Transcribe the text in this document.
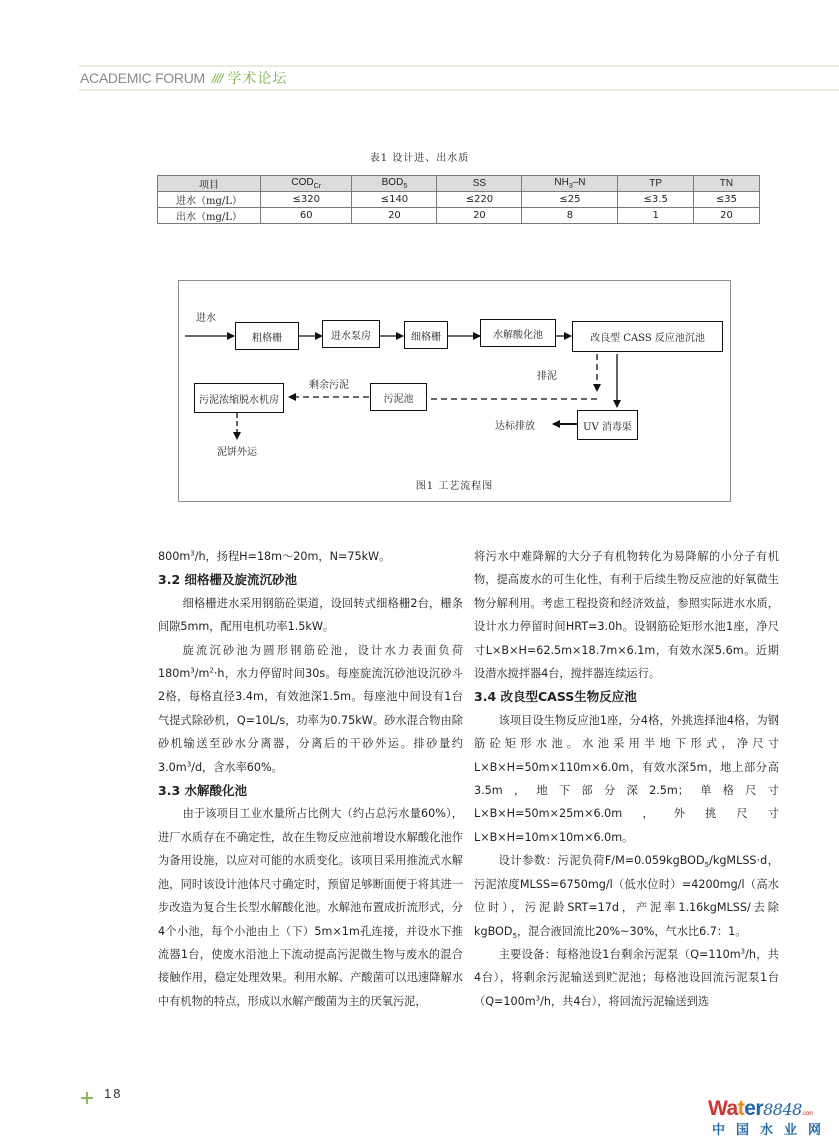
ACADEMIC FORUM //// 学术论坛
表1 设计进、出水质
项目	$COD_{Cr}$	$BOD_5$	SS	$NH_3-N$	TP	TN
进水（mg/L）	≤320	≤140	≤220	≤25	≤3.5	≤35
出水（mg/L）	60	20	20	8	1	20
进水
粗格栅	进水泵房	细格栅	水解酸化池	改良型 CASS 反应池沉池
排泥
剩余污泥
污泥浓缩脱水机房	污泥池
UV 消毒渠
达标排放
泥饼外运
图1 工艺流程图

$800m^3/h$，扬程H=18m～20m，N=75kW。

3.2 细格栅及旋流沉砂池

细格栅进水采用钢筋砼渠道，设回转式细格栅2台，栅条间隙5mm，配用电机功率1.5kW。

旋流沉砂池为圆形钢筋砼池，设计水力表面负荷$180m^3/m^2\cdot h$，水力停留时间30s。每座旋流沉砂池设沉砂斗2格，每格直径3.4m，有效池深1.5m。每座池中间设有1台气提式除砂机，Q=10L/s，功率为0.75kW。砂水混合物由除砂机输送至砂水分离器，分离后的干砂外运。排砂量约$3.0m^3/d$，含水率60%。

3.3 水解酸化池

由于该项目工业水量所占比例大（约占总污水量60%），进厂水质存在不确定性，故在生物反应池前增设水解酸化池作为备用设施，以应对可能的水质变化。该项目采用推流式水解池，同时该设计池体尺寸确定时，预留足够断面便于将其进一步改造为复合生长型水解酸化池。水解池布置成折流形式，分4个小池，每个小池由上（下）5m×1m孔连接，并设水下推流器1台，使废水沿池上下流动提高污泥微生物与废水的混合接触作用，稳定处理效果。利用水解、产酸菌可以迅速降解水中有机物的特点，形成以水解产酸菌为主的厌氧污泥，

将污水中难降解的大分子有机物转化为易降解的小分子有机物，提高废水的可生化性，有利于后续生物反应池的好氧微生物分解利用。考虑工程投资和经济效益，参照实际进水水质，设计水力停留时间HRT=3.0h。设钢筋砼矩形水池1座，净尺寸L×B×H=62.5m×18.7m×6.1m，有效水深5.6m。近期设潜水搅拌器4台，搅拌器连续运行。

3.4 改良型CASS生物反应池

该项目设生物反应池1座，分4格，外挑选择池4格，为钢筋砼矩形水池。水池采用半地下形式，净尺寸L×B×H=50m×110m×6.0m，有效水深5m，地上部分高3.5m，地下部分深2.5m；单格尺寸L×B×H=50m×25m×6.0m，外挑尺寸L×B×H=10m×10m×6.0m。

设计参数：污泥负荷F/M=0.059kgBOD$_5$/kgMLSS·d，污泥浓度MLSS=6750mg/l（低水位时）=4200mg/l（高水位时），污泥龄SRT=17d，产泥率1.16kgMLSS/去除kgBOD$_5$，混合液回流比20%~30%，气水比6.7：1。

主要设备：每格池设1台剩余污泥泵（$Q=110m^3/h$，共4台），将剩余污泥输送到贮泥池；每格池设回流污泥泵1台（$Q=100m^3/h$，共4台），将回流污泥输送到选

+ 18
Water8848.com
中国水业网
